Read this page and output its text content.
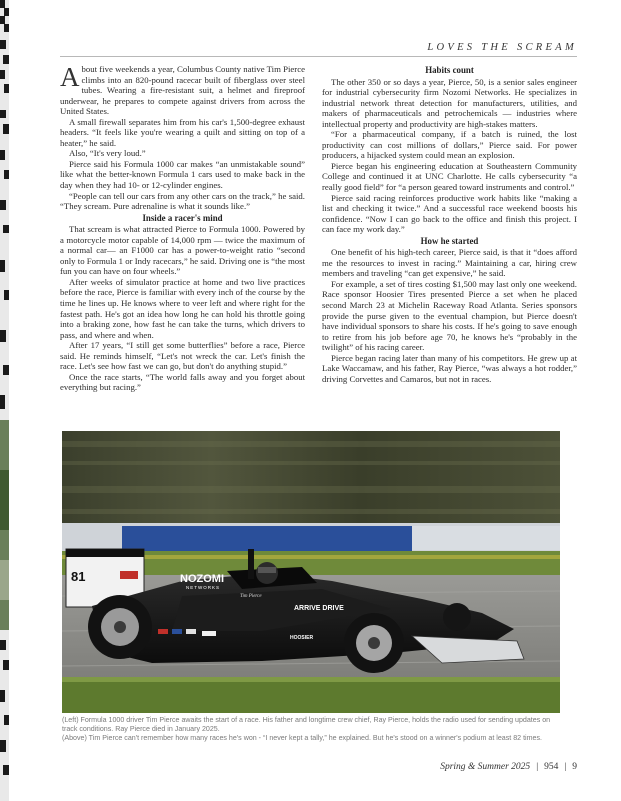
LOVES THE SCREAM

About five weekends a year, Columbus County native Tim Pierce climbs into an 820-pound racecar built of fiberglass over steel tubes. Wearing a fire-resistant suit, a helmet and fireproof underwear, he prepares to compete against drivers from across the United States.

A small firewall separates him from his car's 1,500-degree exhaust headers. “It feels like you're wearing a quilt and sitting on top of a heater,” he said.

Also, “It's very loud.”

Pierce said his Formula 1000 car makes “an unmistakable sound” like what the better-known Formula 1 cars used to make back in the day when they had 10- or 12-cylinder engines.

“People can tell our cars from any other cars on the track,” he said. “They scream. Pure adrenaline is what it sounds like.”

Inside a racer's mind

That scream is what attracted Pierce to Formula 1000. Powered by a motorcycle motor capable of 14,000 rpm — twice the maximum of a normal car— an F1000 car has a power-to-weight ratio “second only to Formula 1 or Indy racecars,” he said. Driving one is “the most fun you can have on four wheels.”

After weeks of simulator practice at home and two live practices before the race, Pierce is familiar with every inch of the course by the time he lines up. He knows where to veer left and where right for the fastest path. He's got an idea how long he can hold his throttle going into a braking zone, how fast he can take the turns, which drivers to pass, and where and when.

After 17 years, “I still get some butterflies” before a race, Pierce said. He reminds himself, “Let's not wreck the car. Let's finish the race. Let's see how fast we can go, but don't do anything stupid.”

Once the race starts, “The world falls away and you forget about everything but racing.”

Habits count

The other 350 or so days a year, Pierce, 50, is a senior sales engineer for industrial cybersecurity firm Nozomi Networks. He specializes in industrial network threat detection for manufacturers, utilities, and makers of pharmaceuticals and petrochemicals — industries where intellectual property and productivity are high-stakes matters.

“For a pharmaceutical company, if a batch is ruined, the lost productivity can cost millions of dollars,” Pierce said. For power producers, a hijacked system could mean an explosion.

Pierce began his engineering education at Southeastern Community College and continued it at UNC Charlotte. He calls cybersecurity “a really good field” for “a person geared toward instruments and control.”

Pierce said racing reinforces productive work habits like “making a list and checking it twice.” And a successful race weekend boosts his confidence. “Now I can go back to the office and finish this project. I can face my work day.”

How he started

One benefit of his high-tech career, Pierce said, is that it “does afford me the resources to invest in racing.” Maintaining a car, hiring crew members and traveling “can get expensive,” he said.

For example, a set of tires costing $1,500 may last only one weekend. Race sponsor Hoosier Tires presented Pierce a set when he placed second March 23 at Michelin Raceway Road Atlanta. Series sponsors provide the purse given to the eventual champion, but Pierce doesn't have individual sponsors to share his costs. If he's going to save enough to retire from his job before age 70, he knows he's “probably in the twilight” of his racing career.

Pierce began racing later than many of his competitors. He grew up at Lake Waccamaw, and his father, Ray Pierce, “was always a hot rodder,” driving Corvettes and Camaros, but not in races.

81	NOZOMI
NETWORKS
Tim Pierce
ARRIVE DRIVE
HOOSIER
(Left) Formula 1000 driver Tim Pierce awaits the start of a race. His father and longtime crew chief, Ray Pierce, holds the radio used for sending updates on track conditions. Ray Pierce died in January 2025.
(Above) Tim Pierce can't remember how many races he's won - “I never kept a tally,” he explained. But he's stood on a winner's podium at least 82 times.
Spring & Summer 2025 | 954 | 9
